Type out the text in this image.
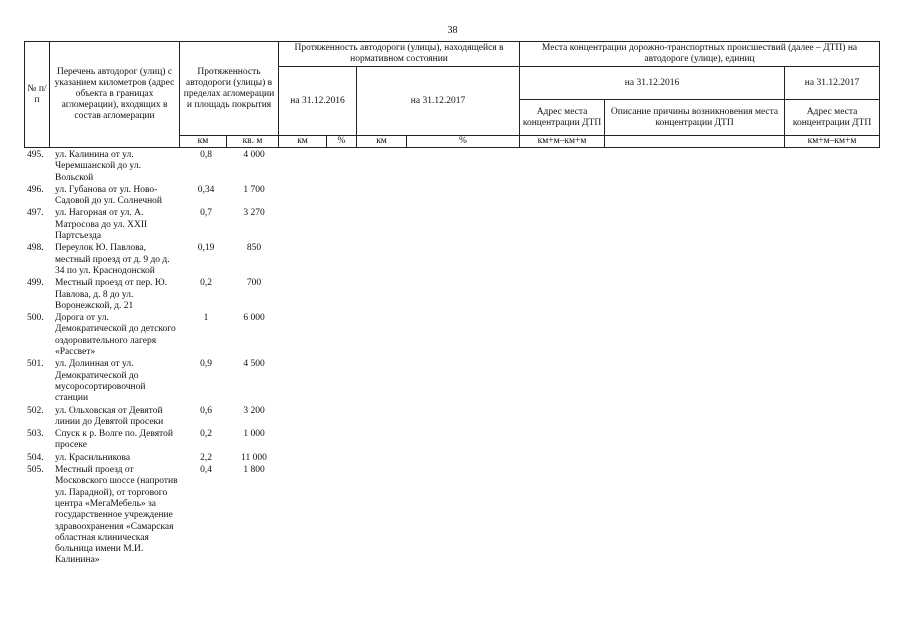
38
№ п/п	Перечень автодорог (улиц) с указанием километров (адрес объекта в границах агломерации), входящих в состав агломерации	Протяженность автодороги (улицы) в пределах агломерации и площадь покрытия		Протяженность автодороги (улицы), находящейся в нормативном состоянии				Места концентрации дорожно-транспортных происшествий (далее – ДТП) на автодороге (улице), единиц		
				на 31.12.2016		на 31.12.2017		на 31.12.2016		на 31.12.2017
								Адрес места концентрации ДТП	Описание причины возникновения места концентрации ДТП	Адрес места концентрации ДТП
		км	кв. м	км	%	км	%	км+м–км+м		км+м–км+м
495.	ул. Калинина от ул. Черемшанской до ул. Вольской	0,8	4 000
496.	ул. Губанова от ул. Ново-Садовой до ул. Солнечной	0,34	1 700
497.	ул. Нагорная от ул. А. Матросова до ул. XXII Партсъезда	0,7	3 270
498.	Переулок Ю. Павлова, местный проезд от д. 9 до д. 34 по ул. Краснодонской	0,19	850
499.	Местный проезд от пер. Ю. Павлова, д. 8 до ул. Воронежской, д. 21	0,2	700
500.	Дорога от ул. Демократической до детского оздоровительного лагеря «Рассвет»	1	6 000
501.	ул. Долинная от ул. Демократической до мусоросортировочной станции	0,9	4 500
502.	ул. Ольховская от Девятой линии до Девятой просеки	0,6	3 200
503.	Спуск к р. Волге по. Девятой просеке	0,2	1 000
504.	ул. Красильникова	2,2	11 000
505.	Местный проезд от Московского шоссе (напротив ул. Парадной), от торгового центра «МегаМебель» за государственное учреждение здравоохранения «Самарская областная клиническая больница имени М.И. Калинина»	0,4	1 800
